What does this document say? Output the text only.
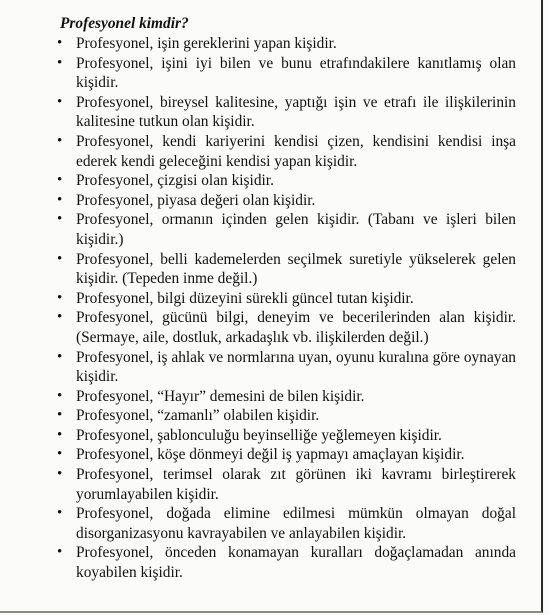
Profesyonel kimdir?
• Profesyonel, işin gereklerini yapan kişidir.
• Profesyonel, işini iyi bilen ve bunu etrafındakilere kanıtlamış olan kişidir.
• Profesyonel, bireysel kalitesine, yaptığı işin ve etrafı ile ilişkilerinin kalitesine tutkun olan kişidir.
• Profesyonel, kendi kariyerini kendisi çizen, kendisini kendisi inşa ederek kendi geleceğini kendisi yapan kişidir.
• Profesyonel, çizgisi olan kişidir.
• Profesyonel, piyasa değeri olan kişidir.
• Profesyonel, ormanın içinden gelen kişidir. (Tabanı ve işleri bilen kişidir.)
• Profesyonel, belli kademelerden seçilmek suretiyle yükselerek gelen kişidir. (Tepeden inme değil.)
• Profesyonel, bilgi düzeyini sürekli güncel tutan kişidir.
• Profesyonel, gücünü bilgi, deneyim ve becerilerinden alan kişidir. (Sermaye, aile, dostluk, arkadaşlık vb. ilişkilerden değil.)
• Profesyonel, iş ahlak ve normlarına uyan, oyunu kuralına göre oynayan kişidir.
• Profesyonel, “Hayır” demesini de bilen kişidir.
• Profesyonel, “zamanlı” olabilen kişidir.
• Profesyonel, şablonculuğu beyinselliğe yeğlemeyen kişidir.
• Profesyonel, köşe dönmeyi değil iş yapmayı amaçlayan kişidir.
• Profesyonel, terimsel olarak zıt görünen iki kavramı birleştirerek yorumlayabilen kişidir.
• Profesyonel, doğada elimine edilmesi mümkün olmayan doğal disorganizasyonu kavrayabilen ve anlayabilen kişidir.
• Profesyonel, önceden konamayan kuralları doğaçlamadan anında koyabilen kişidir.
